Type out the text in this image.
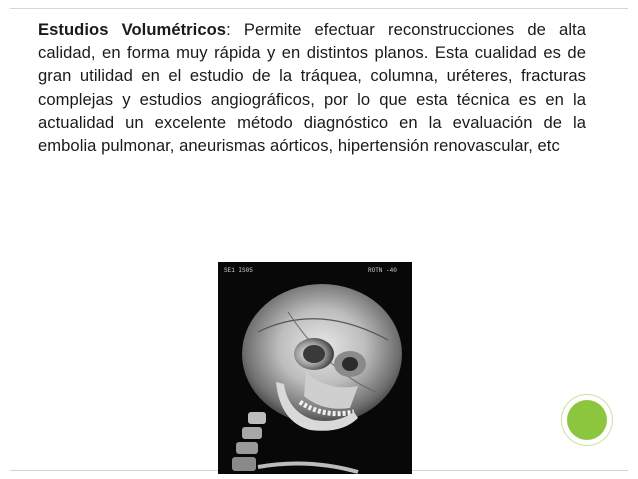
Estudios Volumétricos: Permite efectuar reconstrucciones de alta calidad, en forma muy rápida y en distintos planos. Esta cualidad es de gran utilidad en el estudio de la tráquea, columna, uréteres, fracturas complejas y estudios angiográficos, por lo que esta técnica es en la actualidad un excelente método diagnóstico en la evaluación de la embolia pulmonar, aneurismas aórticos, hipertensión renovascular, etc

SE1 IS05	ROTN -40
